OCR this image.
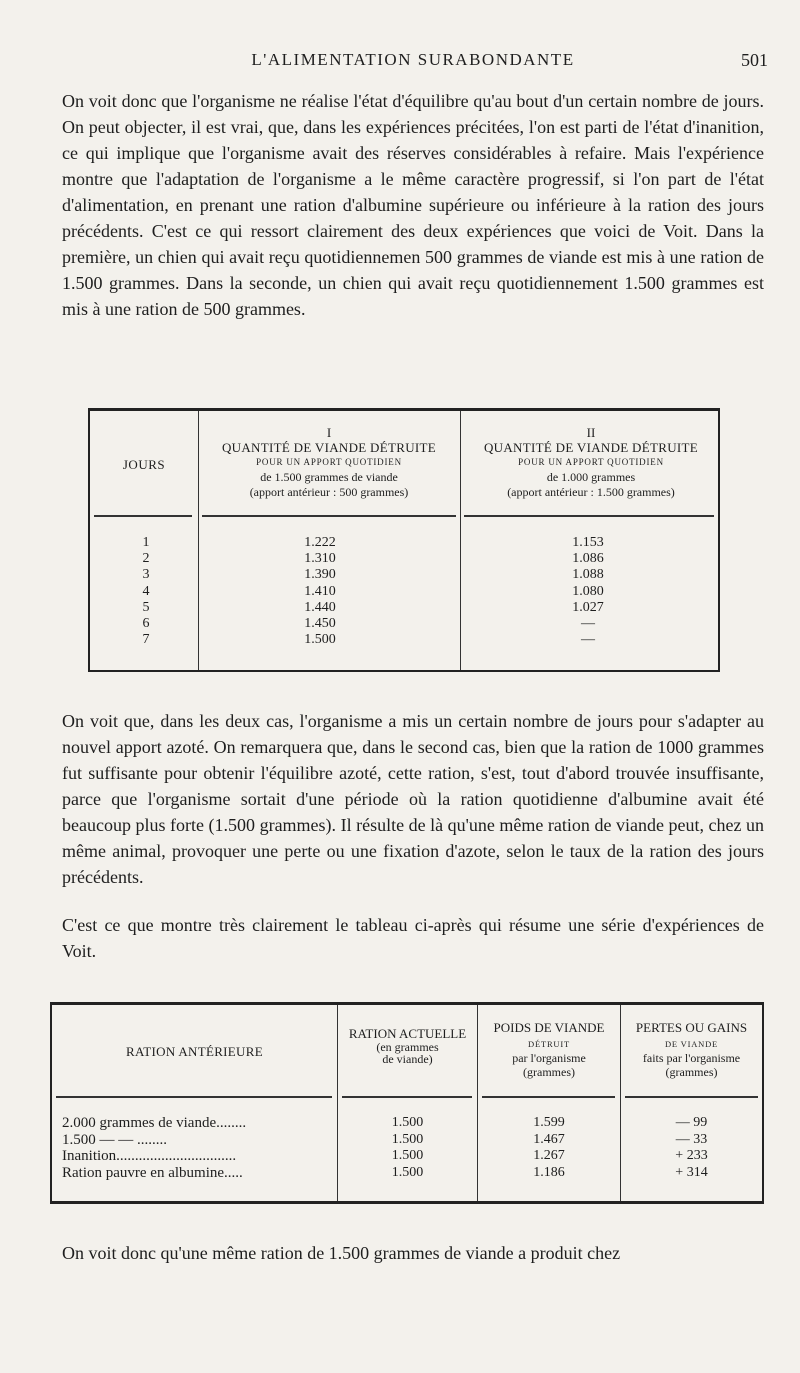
L'ALIMENTATION SURABONDANTE	501

On voit donc que l'organisme ne réalise l'état d'équilibre qu'au bout d'un certain nombre de jours. On peut objecter, il est vrai, que, dans les expériences précitées, l'on est parti de l'état d'inanition, ce qui implique que l'organisme avait des réserves considérables à refaire. Mais l'expérience montre que l'adaptation de l'organisme a le même caractère progressif, si l'on part de l'état d'alimentation, en prenant une ration d'albumine supérieure ou inférieure à la ration des jours précédents. C'est ce qui ressort clairement des deux expériences que voici de Voit. Dans la première, un chien qui avait reçu quotidiennemen 500 grammes de viande est mis à une ration de 1.500 grammes. Dans la seconde, un chien qui avait reçu quotidiennement 1.500 grammes est mis à une ration de 500 grammes.

JOURS
I
QUANTITÉ DE VIANDE DÉTRUITE
POUR UN APPORT QUOTIDIEN
de 1.500 grammes de viande
(apport antérieur : 500 grammes)
II
QUANTITÉ DE VIANDE DÉTRUITE
POUR UN APPORT QUOTIDIEN
de 1.000 grammes
(apport antérieur : 1.500 grammes)
1
2
3
4
5
6
7
1.222
1.310
1.390
1.410
1.440
1.450
1.500
1.153
1.086
1.088
1.080
1.027
—
—

On voit que, dans les deux cas, l'organisme a mis un certain nombre de jours pour s'adapter au nouvel apport azoté. On remarquera que, dans le second cas, bien que la ration de 1000 grammes fut suffisante pour obtenir l'équilibre azoté, cette ration, s'est, tout d'abord trouvée insuffisante, parce que l'organisme sortait d'une période où la ration quotidienne d'albumine avait été beaucoup plus forte (1.500 grammes). Il résulte de là qu'une même ration de viande peut, chez un même animal, provoquer une perte ou une fixation d'azote, selon le taux de la ration des jours précédents.

C'est ce que montre très clairement le tableau ci-après qui résume une série d'expériences de Voit.

RATION ANTÉRIEURE
RATION ACTUELLE
(en grammes
de viande)
POIDS DE VIANDE
DÉTRUIT
par l'organisme
(grammes)
PERTES OU GAINS
DE VIANDE
faits par l'organisme
(grammes)
2.000 grammes de viande........
1.500 — — ........
Inanition................................
Ration pauvre en albumine.....
1.500
1.500
1.500
1.500
1.599
1.467
1.267
1.186
— 99
— 33
+ 233
+ 314

On voit donc qu'une même ration de 1.500 grammes de viande a produit chez
